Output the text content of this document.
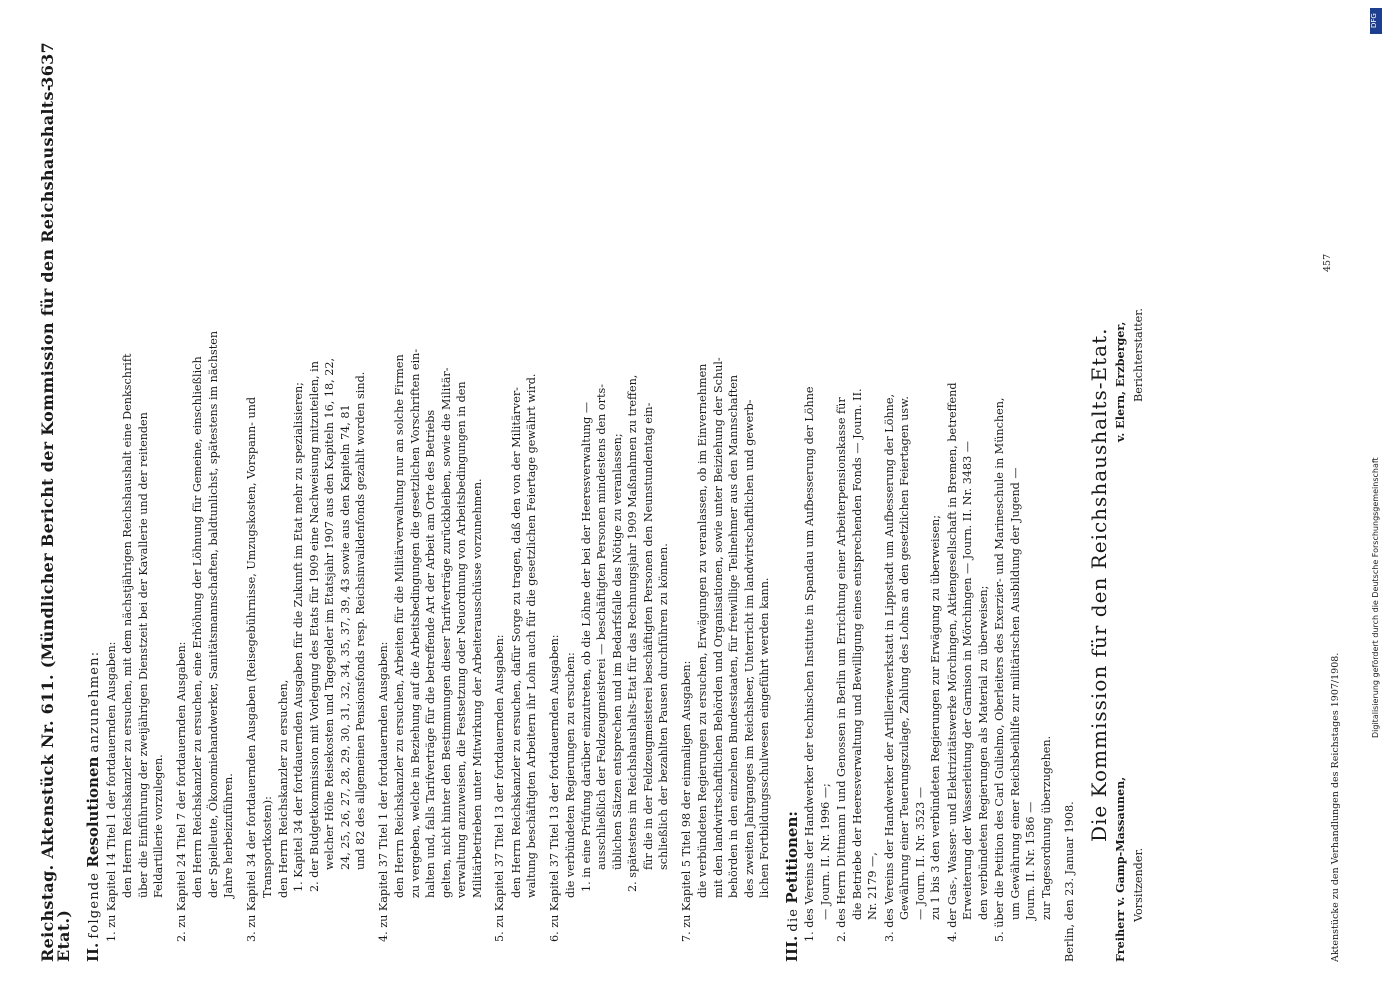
Reichstag. Aktenstück Nr. 611. (Mündlicher Bericht der Kommission für den Reichshaushalts-Etat.)
3637
II. folgende Resolutionen anzunehmen:
1. zu Kapitel 14 Titel 1 der fortdauernden Ausgaben: den Herrn Reichskanzler zu ersuchen, mit dem nächstjährigen Reichshaushalt eine Denkschrift über die Einführung der zweijährigen Dienstzeit bei der Kavallerie und der reitenden Feldartillerie vorzulegen.
2. zu Kapitel 24 Titel 7 der fortdauernden Ausgaben: den Herrn Reichskanzler zu ersuchen, eine Erhöhung der Löhnung für Gemeine, einschließlich der Spielleute, Ökonomiehandwerker, Sanitätsmannschaften, baldtunlichst, spätestens im nächsten Jahre herbeizuführen.
3. zu Kapitel 34 der fortdauernden Ausgaben (Reisegebührnisse, Umzugskosten, Vorspann- und Transportkosten): den Herrn Reichskanzler zu ersuchen, 1. Kapitel 34 der fortdauernden Ausgaben für die Zukunft im Etat mehr zu spezialisieren; 2. der Budgetkommission mit Vorlegung des Etats für 1909 eine Nachweisung mitzuteilen, in welcher Höhe Reisekosten und Tagegelder im Etatsjahr 1907 aus den Kapiteln 16, 18, 22, 24, 25, 26, 27, 28, 29, 30, 31, 32, 34, 35, 37, 39, 43 sowie aus den Kapiteln 74, 81 und 82 des allgemeinen Pensionsfonds resp. Reichsinvalidenfonds gezahlt worden sind.
4. zu Kapitel 37 Titel 1 der fortdauernden Ausgaben: den Herrn Reichskanzler zu ersuchen, Arbeiten für die Militärverwaltung nur an solche Firmen zu vergeben, welche in Beziehung auf die Arbeitsbedingungen die gesetzlichen Vorschriften ein- halten und, falls Tarifverträge für die betreffende Art der Arbeit am Orte des Betriebs gelten, nicht hinter den Bestimmungen dieser Tarifverträge zurückbleiben, sowie die Militär- verwaltung anzuweisen, die Festsetzung oder Neuordnung von Arbeitsbedingungen in den Militärbetrieben unter Mitwirkung der Arbeiterausschüsse vorzunehmen.
5. zu Kapitel 37 Titel 13 der fortdauernden Ausgaben: den Herrn Reichskanzler zu ersuchen, dafür Sorge zu tragen, daß den von der Militärver- waltung beschäftigten Arbeitern ihr Lohn auch für die gesetzlichen Feiertage gewährt wird.
6. zu Kapitel 37 Titel 13 der fortdauernden Ausgaben: die verbündeten Regierungen zu ersuchen: 1. in eine Prüfung darüber einzutreten, ob die Löhne der bei der Heeresverwaltung — ausschließlich der Feldzeugmeisterei — beschäftigten Personen mindestens den orts- üblichen Sätzen entsprechen und im Bedarfsfalle das Nötige zu veranlassen; 2. spätestens im Reichshaushalts-Etat für das Rechnungsjahr 1909 Maßnahmen zu treffen, für die in der Feldzeugmeisterei beschäftigten Personen den Neunstundentag ein- schließlich der bezahlten Pausen durchführen zu können.
7. zu Kapitel 5 Titel 98 der einmaligen Ausgaben: die verbündeten Regierungen zu ersuchen, Erwägungen zu veranlassen, ob im Einvernehmen mit den landwirtschaftlichen Behörden und Organisationen, sowie unter Beiziehung der Schul- behörden in den einzelnen Bundesstaaten, für freiwillige Teilnehmer aus den Mannschaften des zweiten Jahrganges im Reichsheer, Unterricht im landwirtschaftlichen und gewerb- lichen Fortbildungsschulwesen eingeführt werden kann.
III. die Petitionen:
1. des Vereins der Handwerker der technischen Institute in Spandau um Aufbesserung der Löhne — Journ. II. Nr. 1996 —;
2. des Herrn Dittmann I und Genossen in Berlin um Errichtung einer Arbeiterpensionskasse für die Betriebe der Heeresverwaltung und Bewilligung eines entsprechenden Fonds — Journ. II. Nr. 2179 —,
3. des Vereins der Handwerker der Artilleriewerkstatt in Lippstadt um Aufbesserung der Löhne, Gewährung einer Teuerungszulage, Zahlung des Lohns an den gesetzlichen Feiertagen usw. — Journ. II. Nr. 3523 — zu 1 bis 3 den verbündeten Regierungen zur Erwägung zu überweisen;
4. der Gas-, Wasser- und Elektrizitätswerke Mörchingen, Aktiengesellschaft in Bremen, betreffend Erweiterung der Wasserleitung der Garnison in Mörchingen — Journ. II. Nr. 3483 — den verbündeten Regierungen als Material zu überweisen;
5. über die Petition des Carl Gulielmo, Oberleiters des Exerzier- und Marineschule in München, um Gewährung einer Reichsbeihilfe zur militärischen Ausbildung der Jugend — Journ. II. Nr. 1586 — zur Tagesordnung überzugehen. Berlin, den 23. Januar 1908.
Die Kommission für den Reichshaushalts-Etat.
Freiherr v. Gamp-Massaunen,
v. Elern, Erzberger,
Vorsitzender.
Berichterstatter.
Aktenstücke zu den Verhandlungen des Reichstages 1907/1908.
457
DFG
Digitalisierung gefördert durch die Deutsche Forschungsgemeinschaft
